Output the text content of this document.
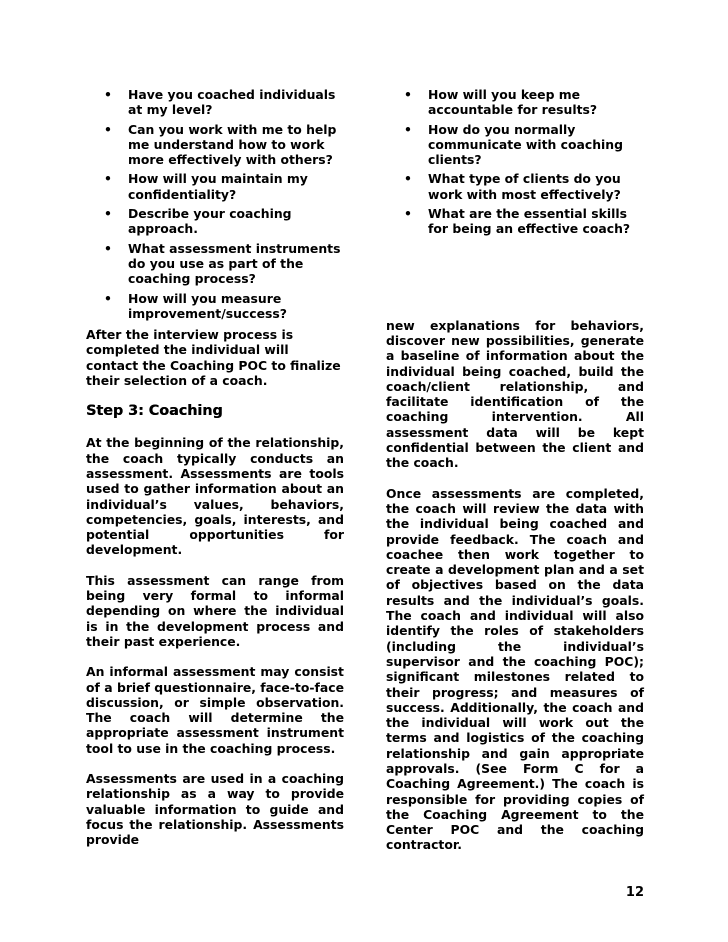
• Have you coached individuals at my level?
• Can you work with me to help me understand how to work more effectively with others?
• How will you maintain my confidentiality?
• Describe your coaching approach.
• What assessment instruments do you use as part of the coaching process?
• How will you measure improvement/success?

After the interview process is completed the individual will contact the Coaching POC to finalize their selection of a coach.

Step 3: Coaching

At the beginning of the relationship, the coach typically conducts an assessment. Assessments are tools used to gather information about an individual’s values, behaviors, competencies, goals, interests, and potential opportunities for development.

This assessment can range from being very formal to informal depending on where the individual is in the development process and their past experience.

An informal assessment may consist of a brief questionnaire, face-to-face discussion, or simple observation. The coach will determine the appropriate assessment instrument tool to use in the coaching process.

Assessments are used in a coaching relationship as a way to provide valuable information to guide and focus the relationship. Assessments provide

• How will you keep me accountable for results?
• How do you normally communicate with coaching clients?
• What type of clients do you work with most effectively?
• What are the essential skills for being an effective coach?

new explanations for behaviors, discover new possibilities, generate a baseline of information about the individual being coached, build the coach/client relationship, and facilitate identification of the coaching intervention. All assessment data will be kept confidential between the client and the coach.

Once assessments are completed, the coach will review the data with the individual being coached and provide feedback. The coach and coachee then work together to create a development plan and a set of objectives based on the data results and the individual’s goals. The coach and individual will also identify the roles of stakeholders (including the individual’s supervisor and the coaching POC); significant milestones related to their progress; and measures of success. Additionally, the coach and the individual will work out the terms and logistics of the coaching relationship and gain appropriate approvals. (See Form C for a Coaching Agreement.) The coach is responsible for providing copies of the Coaching Agreement to the Center POC and the coaching contractor.

12
